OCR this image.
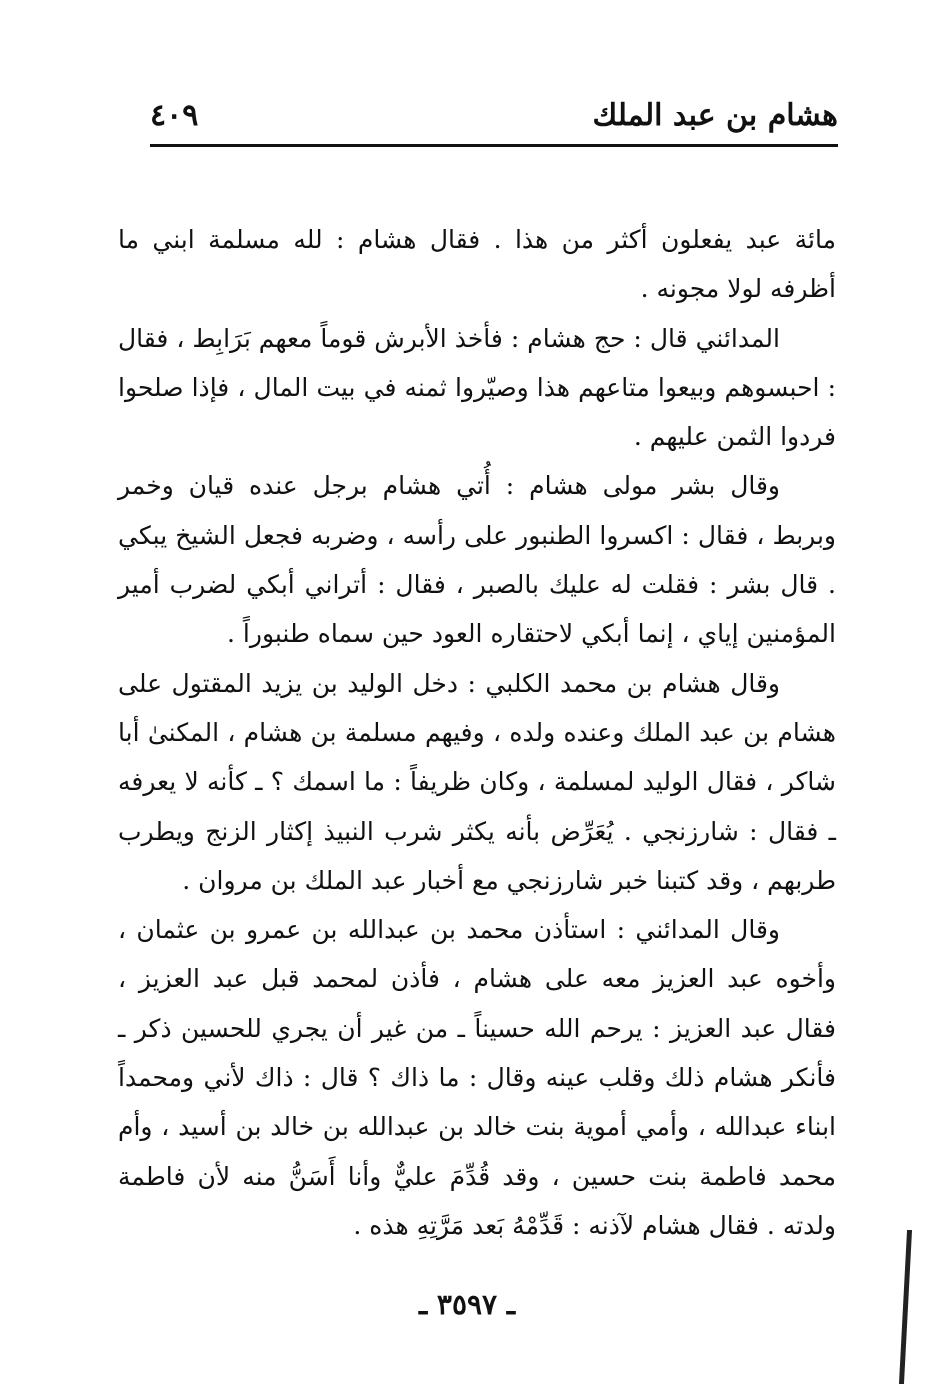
هشام بن عبد الملك
٤٠٩

مائة عبد يفعلون أكثر من هذا . فقال هشام : لله مسلمة ابني ما أظرفه لولا مجونه .

المدائني قال : حج هشام : فأخذ الأبرش قوماً معهم بَرَابِط ، فقال : احبسوهم وبيعوا متاعهم هذا وصيّروا ثمنه في بيت المال ، فإذا صلحوا فردوا الثمن عليهم .

وقال بشر مولى هشام : أُتي هشام برجل عنده قيان وخمر وبربط ، فقال : اكسروا الطنبور على رأسه ، وضربه فجعل الشيخ يبكي . قال بشر : فقلت له عليك بالصبر ، فقال : أتراني أبكي لضرب أمير المؤمنين إياي ، إنما أبكي لاحتقاره العود حين سماه طنبوراً .

وقال هشام بن محمد الكلبي : دخل الوليد بن يزيد المقتول على هشام بن عبد الملك وعنده ولده ، وفيهم مسلمة بن هشام ، المكنىٰ أبا شاكر ، فقال الوليد لمسلمة ، وكان ظريفاً : ما اسمك ؟ ـ كأنه لا يعرفه ـ فقال : شارزنجي . يُعَرِّض بأنه يكثر شرب النبيذ إكثار الزنج ويطرب طربهم ، وقد كتبنا خبر شارزنجي مع أخبار عبد الملك بن مروان .

وقال المدائني : استأذن محمد بن عبدالله بن عمرو بن عثمان ، وأخوه عبد العزيز معه على هشام ، فأذن لمحمد قبل عبد العزيز ، فقال عبد العزيز : يرحم الله حسيناً ـ من غير أن يجري للحسين ذكر ـ فأنكر هشام ذلك وقلب عينه وقال : ما ذاك ؟ قال : ذاك لأني ومحمداً ابناء عبدالله ، وأمي أموية بنت خالد بن عبدالله بن خالد بن أسيد ، وأم محمد فاطمة بنت حسين ، وقد قُدِّمَ عليٌّ وأنا أَسَنُّ منه لأن فاطمة ولدته . فقال هشام لآذنه : قَدِّمْهُ بَعد مَرَّتِهِ هذه .

ـ ٣٥٩٧ ـ
